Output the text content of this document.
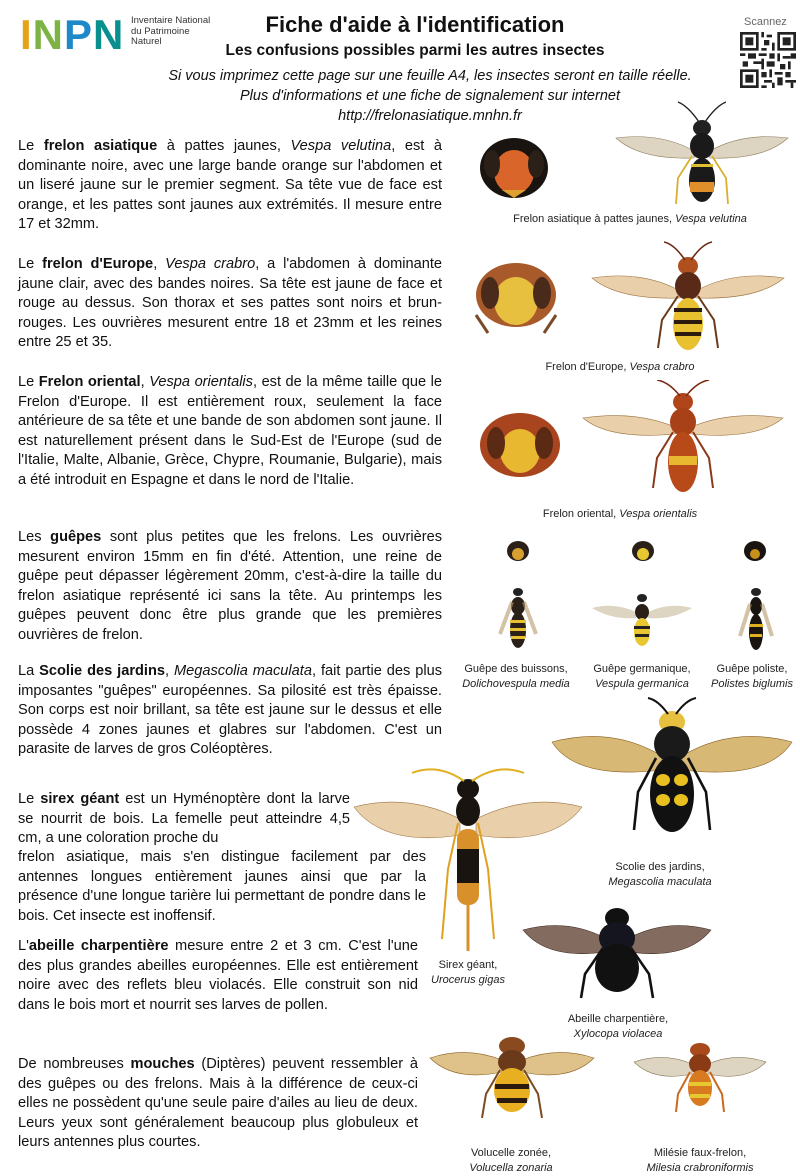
INPN Inventaire National du Patrimoine Naturel
Fiche d'aide à l'identification
Les confusions possibles parmi les autres insectes
Si vous imprimez cette page sur une feuille A4, les insectes seront en taille réelle.
Plus d'informations et une fiche de signalement sur internet
http://frelonasiatique.mnhn.fr
Scannez
Le frelon asiatique à pattes jaunes, Vespa velutina, est à dominante noire, avec une large bande orange sur l'abdomen et un liseré jaune sur le premier segment. Sa tête vue de face est orange, et les pattes sont jaunes aux extrémités. Il mesure entre 17 et 32mm.
Le frelon d'Europe, Vespa crabro, a l'abdomen à dominante jaune clair, avec des bandes noires. Sa tête est jaune de face et rouge au dessus. Son thorax et ses pattes sont noirs et brun-rouges. Les ouvrières mesurent entre 18 et 23mm et les reines entre 25 et 35.
Le Frelon oriental, Vespa orientalis, est de la même taille que le Frelon d'Europe. Il est entièrement roux, seulement la face antérieure de sa tête et une bande de son abdomen sont jaune. Il est naturellement présent dans le Sud-Est de l'Europe (sud de l'Italie, Malte, Albanie, Grèce, Chypre, Roumanie, Bulgarie), mais a été introduit en Espagne et dans le nord de l'Italie.
Les guêpes sont plus petites que les frelons. Les ouvrières mesurent environ 15mm en fin d'été. Attention, une reine de guêpe peut dépasser légèrement 20mm, c'est-à-dire la taille du frelon asiatique représenté ici sans la tête. Au printemps les guêpes peuvent donc être plus grande que les premières ouvrières de frelon.
La Scolie des jardins, Megascolia maculata, fait partie des plus imposantes "guêpes" européennes. Sa pilosité est très épaisse. Son corps est noir brillant, sa tête est jaune sur le dessus et elle possède 4 zones jaunes et glabres sur l'abdomen. C'est un parasite de larves de gros Coléoptères.
Le sirex géant est un Hyménoptère dont la larve se nourrit de bois. La femelle peut atteindre 4,5 cm, a une coloration proche du
frelon asiatique, mais s'en distingue facilement par des antennes longues entièrement jaunes ainsi que par la présence d'une longue tarière lui permettant de pondre dans le bois. Cet insecte est inoffensif.
L'abeille charpentière mesure entre 2 et 3 cm. C'est l'une des plus grandes abeilles européennes. Elle est entièrement noire avec des reflets bleu violacés. Elle construit son nid dans le bois mort et nourrit ses larves de pollen.
De nombreuses mouches (Diptères) peuvent ressembler à des guêpes ou des frelons. Mais à la différence de ceux-ci elles ne possèdent qu'une seule paire d'ailes au lieu de deux. Leurs yeux sont généralement beaucoup plus globuleux et leurs antennes plus courtes.
Frelon asiatique à pattes jaunes, Vespa velutina
Frelon d'Europe, Vespa crabro
Frelon oriental, Vespa orientalis
Guêpe des buissons,
Dolichovespula media
Guêpe germanique,
Vespula germanica
Guêpe poliste,
Polistes biglumis
Scolie des jardins,
Megascolia maculata
Sirex géant,
Urocerus gigas
Abeille charpentière,
Xylocopa violacea
Volucelle zonée,
Volucella zonaria
Milésie faux-frelon,
Milesia crabroniformis
